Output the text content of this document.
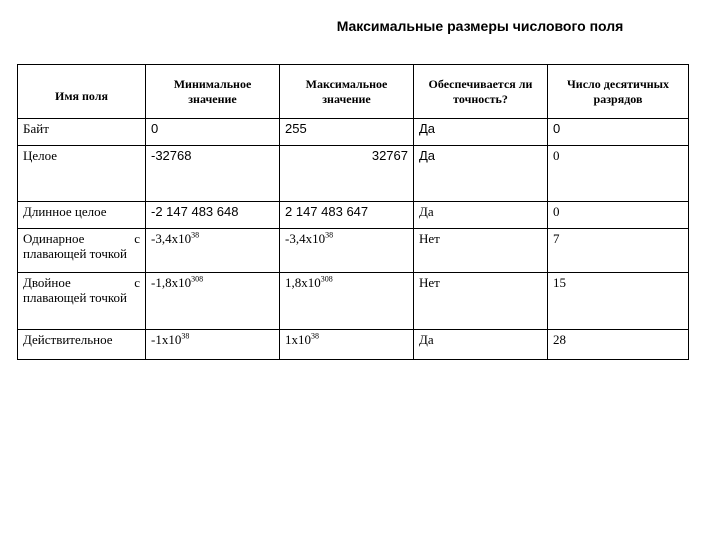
Максимальные размеры числового поля
Имя поля	Минимальное значение	Максимальное значение	Обеспечивается ли точность?	Число десятичных разрядов
Байт	0	255	Да	0
Целое	-32768	32767	Да	0
Длинное целое	-2 147 483 648	2 147 483 647	Да	0
Одинарное с плавающей точкой	$-3,4x10^{38}$	$-3,4x10^{38}$	Нет	7
Двойное с плавающей точкой	$-1,8x10^{308}$	$1,8x10^{308}$	Нет	15
Действительное	$-1x10^{38}$	$1x10^{38}$	Да	28
